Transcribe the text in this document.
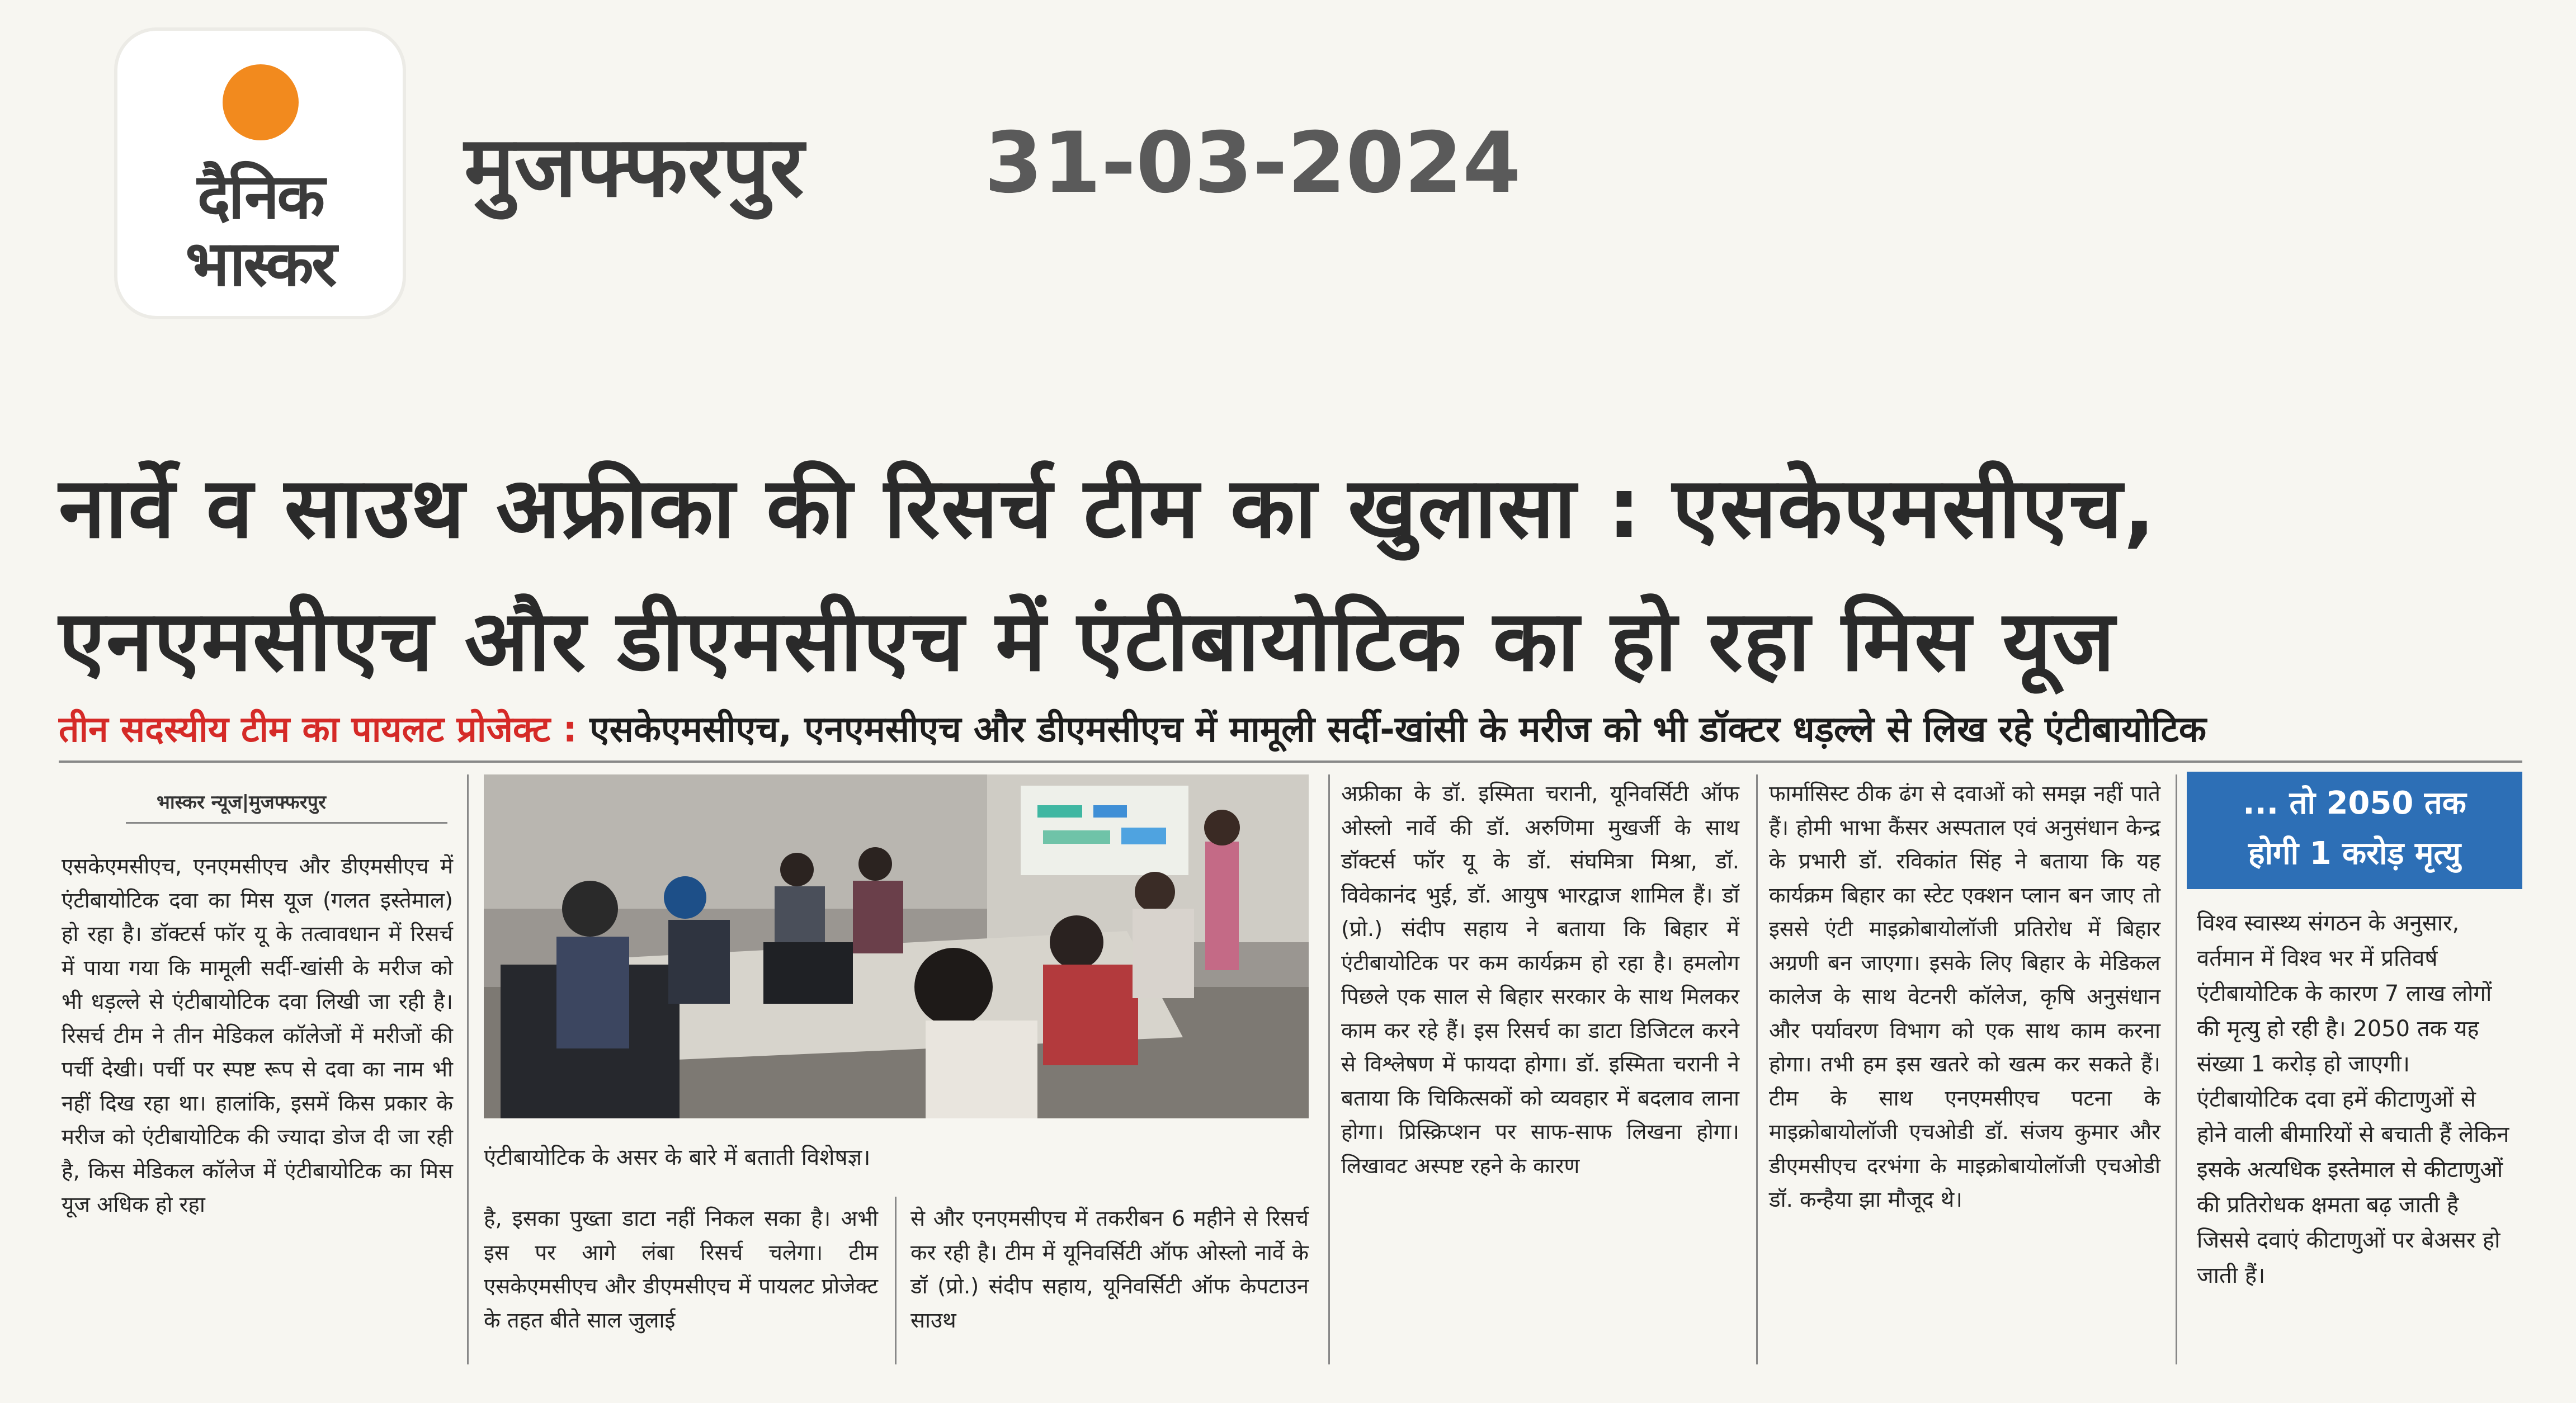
दैनिक
भास्कर
मुजफ्फरपुर 31-03-2024
नार्वे व साउथ अफ्रीका की रिसर्च टीम का खुलासा : एसकेएमसीएच,
एनएमसीएच और डीएमसीएच में एंटीबायोटिक का हो रहा मिस यूज
तीन सदस्यीय टीम का पायलट प्रोजेक्ट : एसकेएमसीएच, एनएमसीएच और डीएमसीएच में मामूली सर्दी-खांसी के मरीज को भी डॉक्टर धड़ल्ले से लिख रहे एंटीबायोटिक
भास्कर न्यूज|मुजफ्फरपुर
एसकेएमसीएच, एनएमसीएच और डीएमसीएच में एंटीबायोटिक दवा का मिस यूज (गलत इस्तेमाल) हो रहा है। डॉक्टर्स फॉर यू के तत्वावधान में रिसर्च में पाया गया कि मामूली सर्दी-खांसी के मरीज को भी धड़ल्ले से एंटीबायोटिक दवा लिखी जा रही है। रिसर्च टीम ने तीन मेडिकल कॉलेजों में मरीजों की पर्ची देखी। पर्ची पर स्पष्ट रूप से दवा का नाम भी नहीं दिख रहा था। हालांकि, इसमें किस प्रकार के मरीज को एंटीबायोटिक की ज्यादा डोज दी जा रही है, किस मेडिकल कॉलेज में एंटीबायोटिक का मिस यूज अधिक हो रहा
एंटीबायोटिक के असर के बारे में बताती विशेषज्ञ।
है, इसका पुख्ता डाटा नहीं निकल सका है। अभी इस पर आगे लंबा रिसर्च चलेगा। टीम एसकेएमसीएच और डीएमसीएच में पायलट प्रोजेक्ट के तहत बीते साल जुलाई
से और एनएमसीएच में तकरीबन 6 महीने से रिसर्च कर रही है। टीम में यूनिवर्सिटी ऑफ ओस्लो नार्वे के डॉ (प्रो.) संदीप सहाय, यूनिवर्सिटी ऑफ केपटाउन साउथ
अफ्रीका के डॉ. इस्मिता चरानी, यूनिवर्सिटी ऑफ ओस्लो नार्वे की डॉ. अरुणिमा मुखर्जी के साथ डॉक्टर्स फॉर यू के डॉ. संघमित्रा मिश्रा, डॉ. विवेकानंद भुई, डॉ. आयुष भारद्वाज शामिल हैं। डॉ (प्रो.) संदीप सहाय ने बताया कि बिहार में एंटीबायोटिक पर कम कार्यक्रम हो रहा है। हमलोग पिछले एक साल से बिहार सरकार के साथ मिलकर काम कर रहे हैं। इस रिसर्च का डाटा डिजिटल करने से विश्लेषण में फायदा होगा। डॉ. इस्मिता चरानी ने बताया कि चिकित्सकों को व्यवहार में बदलाव लाना होगा। प्रिस्क्रिप्शन पर साफ-साफ लिखना होगा। लिखावट अस्पष्ट रहने के कारण
फार्मासिस्ट ठीक ढंग से दवाओं को समझ नहीं पाते हैं। होमी भाभा कैंसर अस्पताल एवं अनुसंधान केन्द्र के प्रभारी डॉ. रविकांत सिंह ने बताया कि यह कार्यक्रम बिहार का स्टेट एक्शन प्लान बन जाए तो इससे एंटी माइक्रोबायोलॉजी प्रतिरोध में बिहार अग्रणी बन जाएगा। इसके लिए बिहार के मेडिकल कालेज के साथ वेटनरी कॉलेज, कृषि अनुसंधान और पर्यावरण विभाग को एक साथ काम करना होगा। तभी हम इस खतरे को खत्म कर सकते हैं। टीम के साथ एनएमसीएच पटना के माइक्रोबायोलॉजी एचओडी डॉ. संजय कुमार और डीएमसीएच दरभंगा के माइक्रोबायोलॉजी एचओडी डॉ. कन्हैया झा मौजूद थे।
... तो 2050 तक
होगी 1 करोड़ मृत्यु
विश्व स्वास्थ्य संगठन के अनुसार, वर्तमान में विश्व भर में प्रतिवर्ष एंटीबायोटिक के कारण 7 लाख लोगों की मृत्यु हो रही है। 2050 तक यह संख्या 1 करोड़ हो जाएगी। एंटीबायोटिक दवा हमें कीटाणुओं से होने वाली बीमारियों से बचाती हैं लेकिन इसके अत्यधिक इस्तेमाल से कीटाणुओं की प्रतिरोधक क्षमता बढ़ जाती है जिससे दवाएं कीटाणुओं पर बेअसर हो जाती हैं।
